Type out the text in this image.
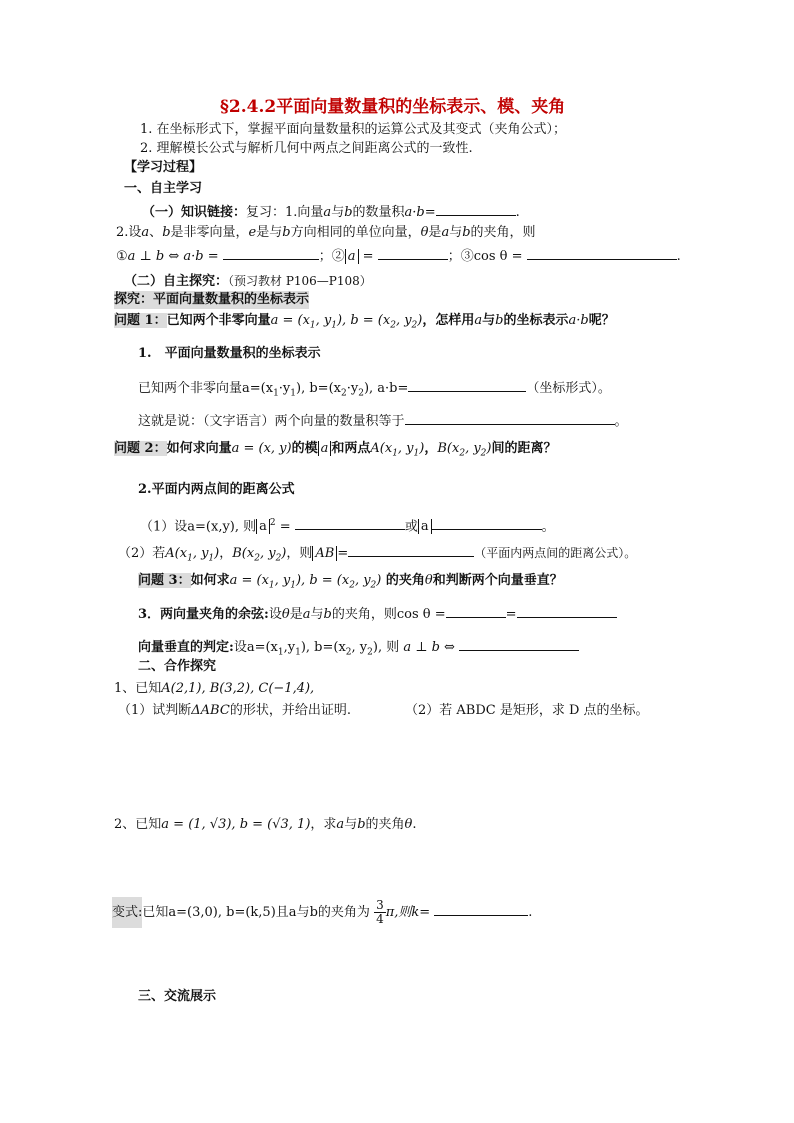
§2.4.2平面向量数量积的坐标表示、模、夹角
1. 在坐标形式下，掌握平面向量数量积的运算公式及其变式（夹角公式）；
2. 理解模长公式与解析几何中两点之间距离公式的一致性.
【学习过程】
一、自主学习
（一）知识链接：复习：1.向量a与b的数量积a·b=	.
2.设a、b是非零向量，e是与b方向相同的单位向量，θ是a与b的夹角，则
①a ⊥ b ⇔ a·b =	；② a =	；③cos θ =	.
（二）自主探究：（预习教材 P106—P108）
探究：平面向量数量积的坐标表示
问题 1：已知两个非零向量$a = (x_1$, $y_1$), $b = (x_2$, $y_2$)，怎样用a与b的坐标表示a·b呢？
1.　平面向量数量积的坐标表示
已知两个非零向量$a=(x_1\cdot y_1)$, $b=(x_2\cdot y_2)$, a·b=	（坐标形式）。
这就是说：（文字语言）两个向量的数量积等于	。
问题 2：如何求向量a = (x, y)的模 a 和两点$A(x_1$, $y_1$)，$B(x_2$, $y_2$)间的距离？
2.平面内两点间的距离公式
（1）设a=(x,y), 则 a $^2$ =	或 a	。
（2）若$A(x_1$, $y_1$)，$B(x_2$, $y_2$)，则 AB =	（平面内两点间的距离公式）。
问题 3：如何求$a = (x_1$, $y_1$), $b = (x_2$, $y_2$) 的夹角θ和判断两个向量垂直？
3．两向量夹角的余弦:设θ是a与b的夹角，则cos θ =	=
向量垂直的判定:设$a=(x_1,y_1)$, $b=(x_2$, $y_2$), 则 a ⊥ b ⇔
二、合作探究
1、已知A(2,1), B(3,2), C(−1,4),
（1）试判断ΔABC的形状，并给出证明.	（2）若 ABDC 是矩形，求 D 点的坐标。
2、已知a = (1, √3), b = (√3, 1)，求a与b的夹角θ.
变式:已知a=(3,0), b=(k,5)且a与b的夹角为 $\frac{3}{4} \pi$,则k=	.
三、交流展示
